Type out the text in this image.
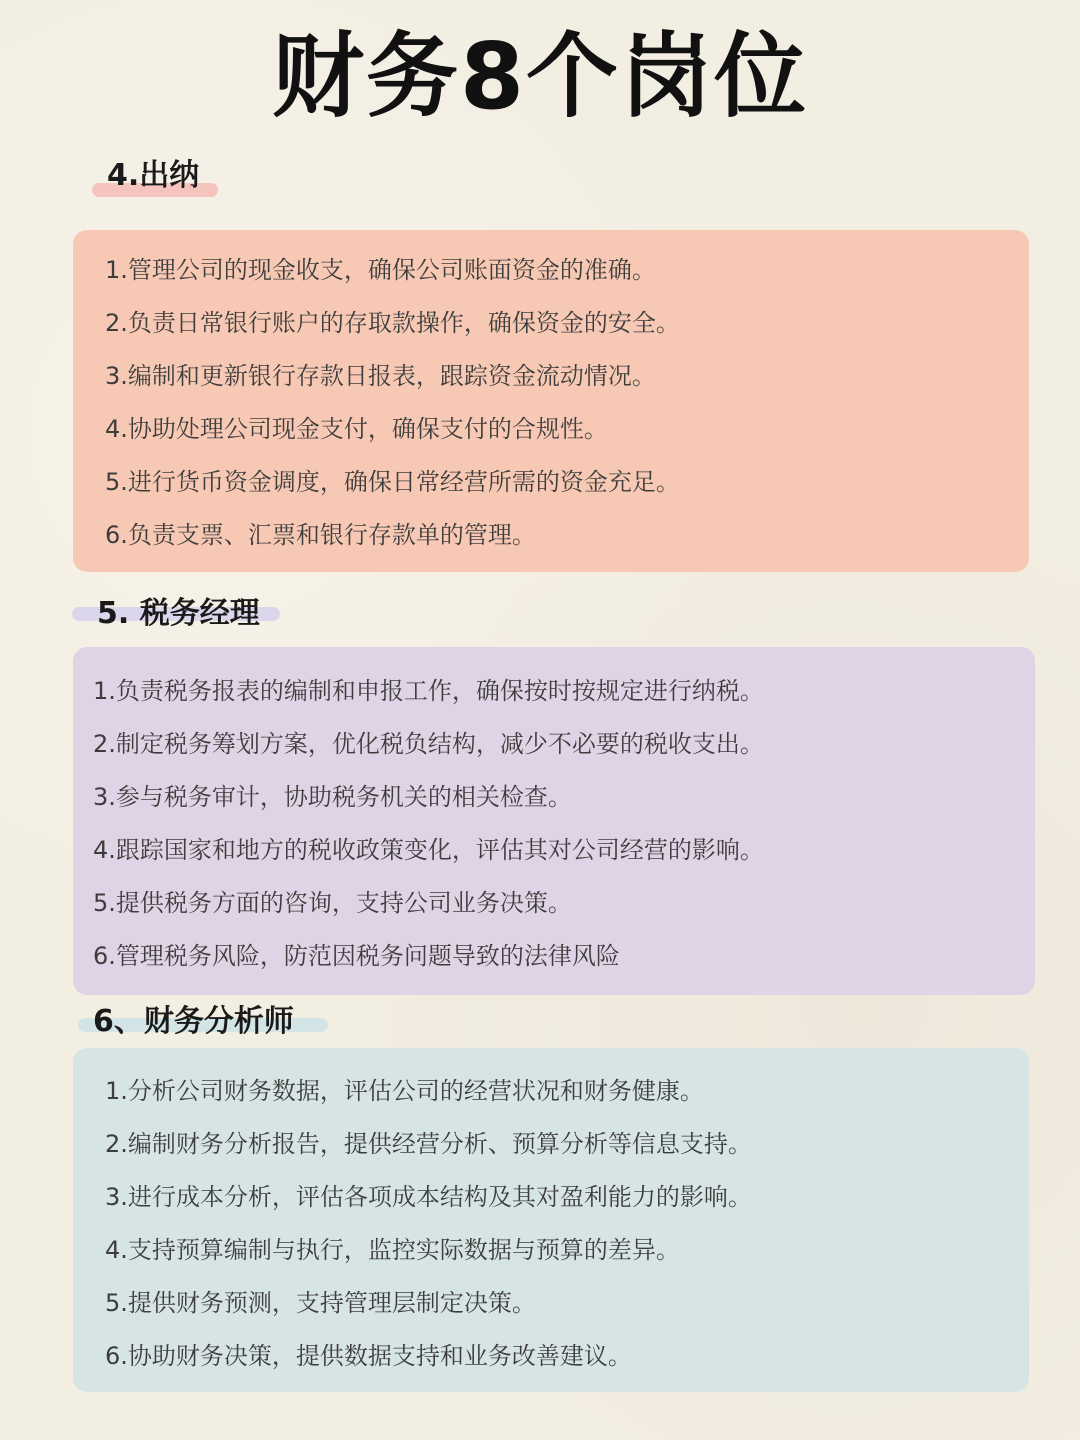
财务8个岗位
4.出纳
1.管理公司的现金收支，确保公司账面资金的准确。
2.负责日常银行账户的存取款操作，确保资金的安全。
3.编制和更新银行存款日报表，跟踪资金流动情况。
4.协助处理公司现金支付，确保支付的合规性。
5.进行货币资金调度，确保日常经营所需的资金充足。
6.负责支票、汇票和银行存款单的管理。
5. 税务经理
1.负责税务报表的编制和申报工作，确保按时按规定进行纳税。
2.制定税务筹划方案，优化税负结构，减少不必要的税收支出。
3.参与税务审计，协助税务机关的相关检查。
4.跟踪国家和地方的税收政策变化，评估其对公司经营的影响。
5.提供税务方面的咨询，支持公司业务决策。
6.管理税务风险，防范因税务问题导致的法律风险
6、财务分析师
1.分析公司财务数据，评估公司的经营状况和财务健康。
2.编制财务分析报告，提供经营分析、预算分析等信息支持。
3.进行成本分析，评估各项成本结构及其对盈利能力的影响。
4.支持预算编制与执行，监控实际数据与预算的差异。
5.提供财务预测，支持管理层制定决策。
6.协助财务决策，提供数据支持和业务改善建议。
